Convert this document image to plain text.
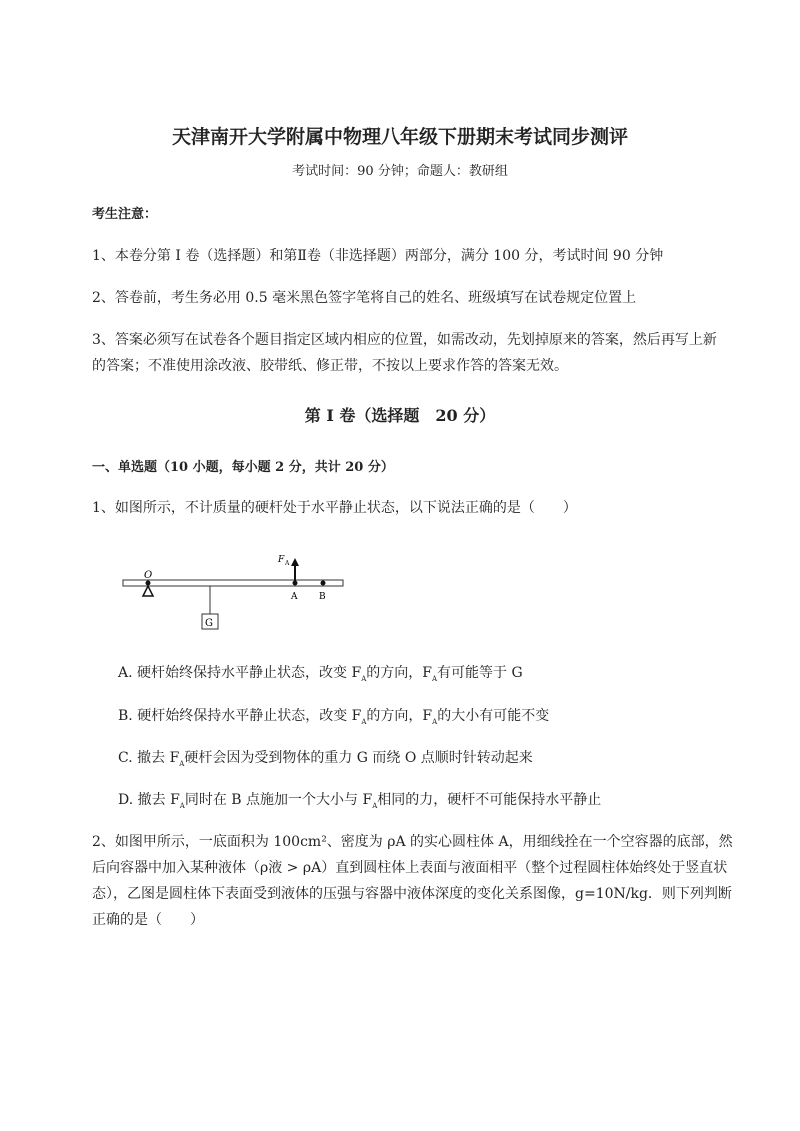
天津南开大学附属中物理八年级下册期末考试同步测评
考试时间：90 分钟；命题人：教研组
考生注意：
1、本卷分第 I 卷（选择题）和第Ⅱ卷（非选择题）两部分，满分 100 分，考试时间 90 分钟
2、答卷前，考生务必用 0.5 毫米黑色签字笔将自己的姓名、班级填写在试卷规定位置上
3、答案必须写在试卷各个题目指定区域内相应的位置，如需改动，先划掉原来的答案，然后再写上新
的答案；不准使用涂改液、胶带纸、修正带，不按以上要求作答的答案无效。
第 I 卷（选择题　20 分）
一、单选题（10 小题，每小题 2 分，共计 20 分）
1、如图所示，不计质量的硬杆处于水平静止状态，以下说法正确的是（　　）
O
G
F A
A B
A. 硬杆始终保持水平静止状态，改变 $F_A$的方向，$F_A$有可能等于 G
B. 硬杆始终保持水平静止状态，改变 $F_A$的方向，$F_A$的大小有可能不变
C. 撤去 $F_A$硬杆会因为受到物体的重力 G 而绕 O 点顺时针转动起来
D. 撤去 $F_A$同时在 B 点施加一个大小与 $F_A$相同的力，硬杆不可能保持水平静止
2、如图甲所示，一底面积为 100cm²、密度为 ρA 的实心圆柱体 A，用细线拴在一个空容器的底部，然
后向容器中加入某种液体（ρ液 > ρA）直到圆柱体上表面与液面相平（整个过程圆柱体始终处于竖直状
态），乙图是圆柱体下表面受到液体的压强与容器中液体深度的变化关系图像，g=10N/kg．则下列判断
正确的是（　　）
